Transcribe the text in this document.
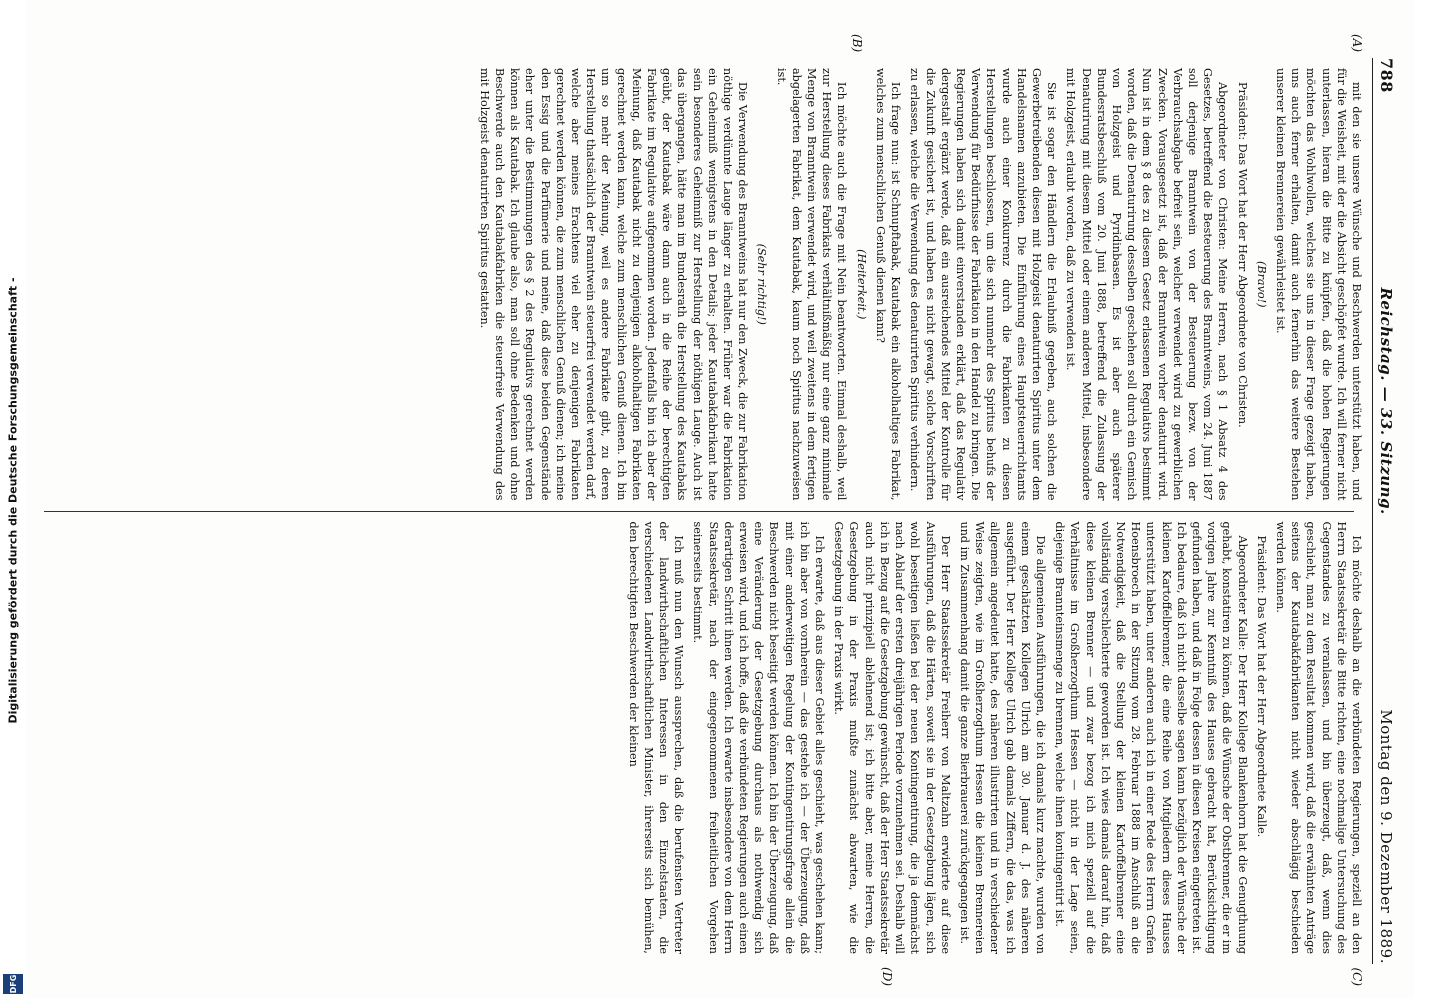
788
Reichstag. — 33. Sitzung.
Montag den 9. Dezember 1889.
(A)
(B)

mit den sie unsere Wünsche und Beschwerden unterstützt haben, und für die Weisheit, mit der die Absicht geschöpfet wurde. Ich will ferner nicht unterlassen, hieran die Bitte zu knüpfen, daß die hohen Regierungen möchten das Wohlwollen, welches sie uns in dieser Frage gezeigt haben, uns auch ferner erhalten, damit auch fernerhin das weitere Bestehen unserer kleinen Brennereien gewährleistet ist.

(Bravo!)

Präsident: Das Wort hat der Herr Abgeordnete von Christen.

Abgeordneter von Christen: Meine Herren, nach § 1 Absatz 4 des Gesetzes, betreffend die Besteuerung des Branntweins, vom 24. Juni 1887 soll derjenige Branntwein von der Besteuerung bezw. von der Verbrauchsabgabe befreit sein, welcher verwendet wird zu gewerblichen Zwecken. Vorausgesetzt ist, daß der Branntwein vorher denaturirt wird. Nun ist in dem § 8 des zu diesem Gesetz erlassenen Regulativs bestimmt worden, daß die Denaturirung desselben geschehen soll durch ein Gemisch von Holzgeist und Pyridinbasen. Es ist aber auch späterer Bundesratsbeschluß vom 20. Juni 1888, betreffend die Zulassung der Denaturirung mit diesem Mittel oder einem anderen Mittel, insbesondere mit Holzgeist, erlaubt worden, daß zu verwenden ist.

Sie ist sogar den Händlern die Erlaubniß gegeben, auch solchen die Gewerbetreibenden diesen mit Holzgeist denaturirten Spiritus unter dem Handelsnamen anzubieten. Die Einführung eines Hauptsteuerrichtamts wurde auch einer Konkurrenz durch die Fabrikanten zu diesen Herstellungen beschlossen, um die sich nunmehr des Spiritus behufs der Verwendung für Bedürfnisse der Fabrikation in den Handel zu bringen. Die Regierungen haben sich damit einverstanden erklärt, daß das Regulativ dergestalt ergänzt werde, daß ein ausreichendes Mittel der Kontrolle für die Zukunft gesichert ist, und haben es nicht gewagt, solche Vorschriften zu erlassen, welche die Verwendung des denaturirten Spiritus verhindern.

Ich frage nun: ist Schnupftabak, Kautabak ein alkoholhaltiges Fabrikat, welches zum menschlichen Genuß dienen kann?

(Heiterkeit.)

Ich möchte auch die Frage mit Nein beantworten. Einmal deshalb, weil zur Herstellung dieses Fabrikats verhältnißmäßig nur eine ganz minimale Menge von Branntwein verwendet wird, und weil zweitens in dem fertigen abgelagerten Fabrikat, dem Kautabak, kaum noch Spiritus nachzuweisen ist.

(Sehr richtig!)

Die Verwendung des Branntweins hat nur den Zweck, die zur Fabrikation nöthige verdünnte Lauge länger zu erhalten. Früher war die Fabrikation ein Geheimniß wenigstens in den Details; jeder Kautabakfabrikant hatte sein besonderes Geheimniß zur Herstellung der nöthigen Lauge. Auch ist das übergangen, hätte man im Bundesrath die Herstellung des Kautabaks geübt, der Kautabak wäre dann auch in die Reihe der berechtigten Fabrikate im Regulative aufgenommen worden. Jedenfalls bin ich aber der Meinung, daß Kautabak nicht zu denjenigen alkoholhaltigen Fabrikaten gerechnet werden kann, welche zum menschlichen Genuß dienen. Ich bin um so mehr der Meinung, weil es andere Fabrikate gibt, zu deren Herstellung thatsächlich der Branntwein steuerfrei verwendet werden darf, welche aber meines Erachtens viel eher zu denjenigen Fabrikaten gerechnet werden können, die zum menschlichen Genuß dienen; ich meine den Essig und die Parfümerie und meine, daß diese beiden Gegenstände eher unter die Bestimmungen des § 2 des Regulativs gerechnet werden können als Kautabak. Ich glaube also, man soll ohne Bedenken und ohne Beschwerde auch den Kautabakfabriken die steuerfreie Verwendung des mit Holzgeist denaturirten Spiritus gestatten.

(C)
(D)

Ich möchte deshalb an die verbündeten Regierungen, speziell an den Herrn Staatssekretär die Bitte richten, eine nochmalige Untersuchung des Gegenstandes zu veranlassen, und bin überzeugt, daß, wenn dies geschieht, man zu dem Resultat kommen wird, daß die erwähnten Anträge seitens der Kautabakfabrikanten nicht wieder abschlägig beschieden werden können.

Präsident: Das Wort hat der Herr Abgeordnete Kalle.

Abgeordneter Kalle: Der Herr Kollege Blankenhorn hat die Genugthuung gehabt, konstatiren zu können, daß die Wünsche der Obstbrenner, die er im vorigen Jahre zur Kenntniß des Hauses gebracht hat, Berücksichtigung gefunden haben, und daß in Folge dessen in diesen Kreisen eingetreten ist. Ich bedaure, daß ich nicht dasselbe sagen kann bezüglich der Wünsche der kleinen Kartoffelbrenner, die eine Reihe von Mitgliedern dieses Hauses unterstützt haben, unter anderen auch ich in einer Rede des Herrn Grafen Hoensbroech in der Sitzung vom 28. Februar 1888 im Anschluß an die Notwendigkeit, daß die Stellung der kleinen Kartoffelbrenner eine vollständig verschlechterte geworden ist. Ich wies damals darauf hin, daß diese kleinen Brenner — und zwar bezog ich mich speziell auf die Verhältnisse im Großherzogthum Hessen — nicht in der Lage seien, diejenige Brannteinsmenge zu brennen, welche ihnen kontingentirt ist.

Die allgemeinen Ausführungen, die ich damals kurz machte, wurden von einem geschätzten Kollegen Ulrich am 30. Januar d. J. des näheren ausgeführt. Der Herr Kollege Ulrich gab damals Ziffern, die das, was ich allgemein angedeutet hatte, des näheren illustrirten und in verschiedener Weise zeigten, wie im Großherzogthum Hessen die kleinen Brennereien und im Zusammenhang damit die ganze Bierbrauerei zurückgegangen ist.

Der Herr Staatssekretär Freiherr von Maltzahn erwiderte auf diese Ausführungen, daß die Härten, soweit sie in der Gesetzgebung lägen, sich wohl beseitigen ließen bei der neuen Kontingentirung, die ja demnächst nach Ablauf der ersten dreijährigen Periode vorzunehmen sei. Deshalb will ich in Bezug auf die Gesetzgebung gewünscht, daß der Herr Staatssekretär auch nicht prinzipiell ablehnend ist; ich bitte aber, meine Herren, die Gesetzgebung in der Praxis mußte zunächst abwarten, wie die Gesetzgebung in der Praxis wirkt.

Ich erwarte, daß aus dieser Gebiet alles geschieht, was geschehen kann; ich bin aber von vornherein — das gestehe ich — der Überzeugung, daß mit einer anderweitigen Regelung der Kontingentirungsfrage allein die Beschwerden nicht beseitigt werden können. Ich bin der Überzeugung, daß eine Veränderung der Gesetzgebung durchaus als nothwendig sich erweisen wird, und ich hoffe, daß die verbündeten Regierungen auch einen derartigen Schritt ihnen werden. Ich erwarte insbesondere von dem Herrn Staatssekretär, nach der eingegenommenen freiheitlichen Vorgehen seinerseits bestimmt.

Ich muß nun den Wunsch aussprechen, daß die berufensten Vertreter der landwirthschaftlichen Interessen in den Einzelstaaten, die verschiedenen Landwirthschaftlichen Minister, ihrerseits sich bemühen, den berechtigten Beschwerden der kleinen

Digitalisierung gefördert durch die Deutsche Forschungsgemeinschaft -
DFG
